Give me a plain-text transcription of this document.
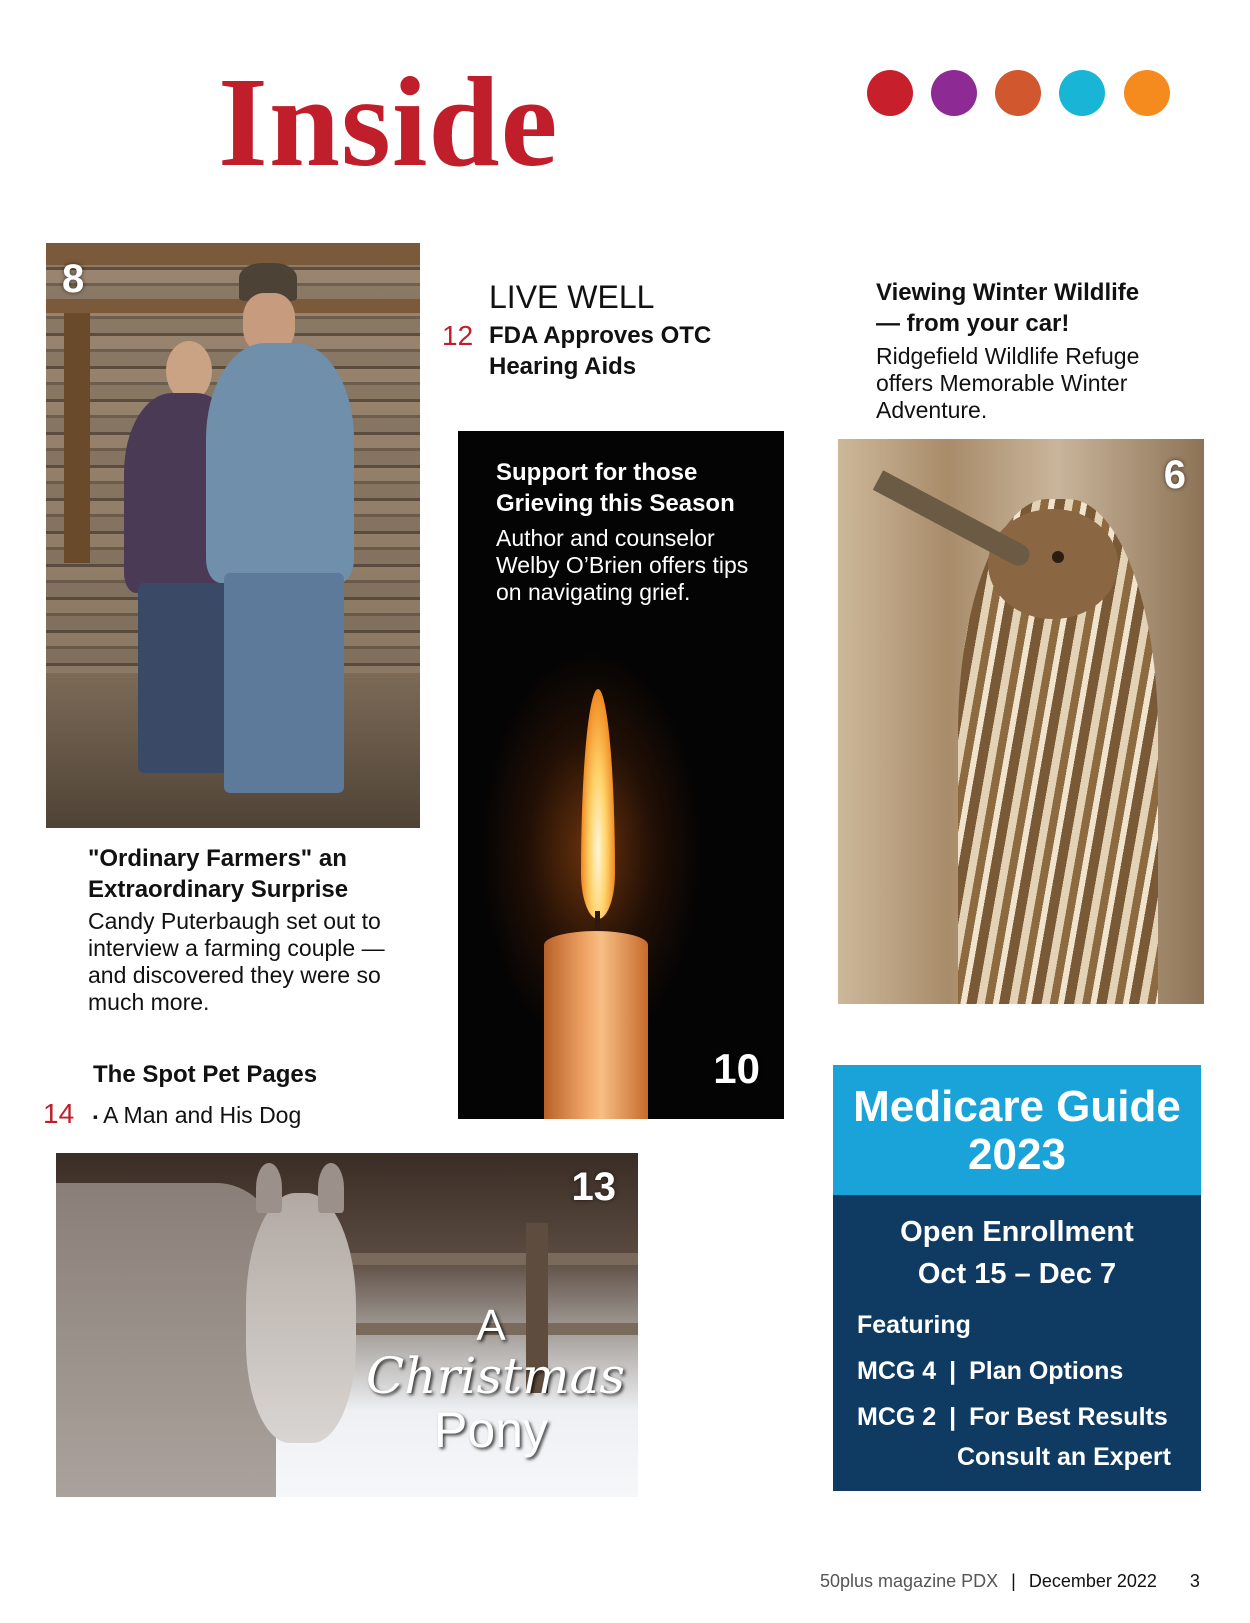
Inside
8
"Ordinary Farmers" an
Extraordinary Surprise
Candy Puterbaugh set out to
interview a farming couple —
and discovered they were so
much more.
The Spot Pet Pages
14 ▪ A Man and His Dog
LIVE WELL
12 FDA Approves OTC
Hearing Aids
Support for those
Grieving this Season
Author and counselor
Welby O’Brien offers tips
on navigating grief.
10
Viewing Winter Wildlife
— from your car!
Ridgefield Wildlife Refuge
offers Memorable Winter
Adventure.
6
13
A
Christmas
Pony
Medicare Guide
2023
Open Enrollment
Oct 15 – Dec 7
Featuring
MCG 4 | Plan Options
MCG 2 | For Best Results
Consult an Expert
50plus magazine PDX | December 2022 3
